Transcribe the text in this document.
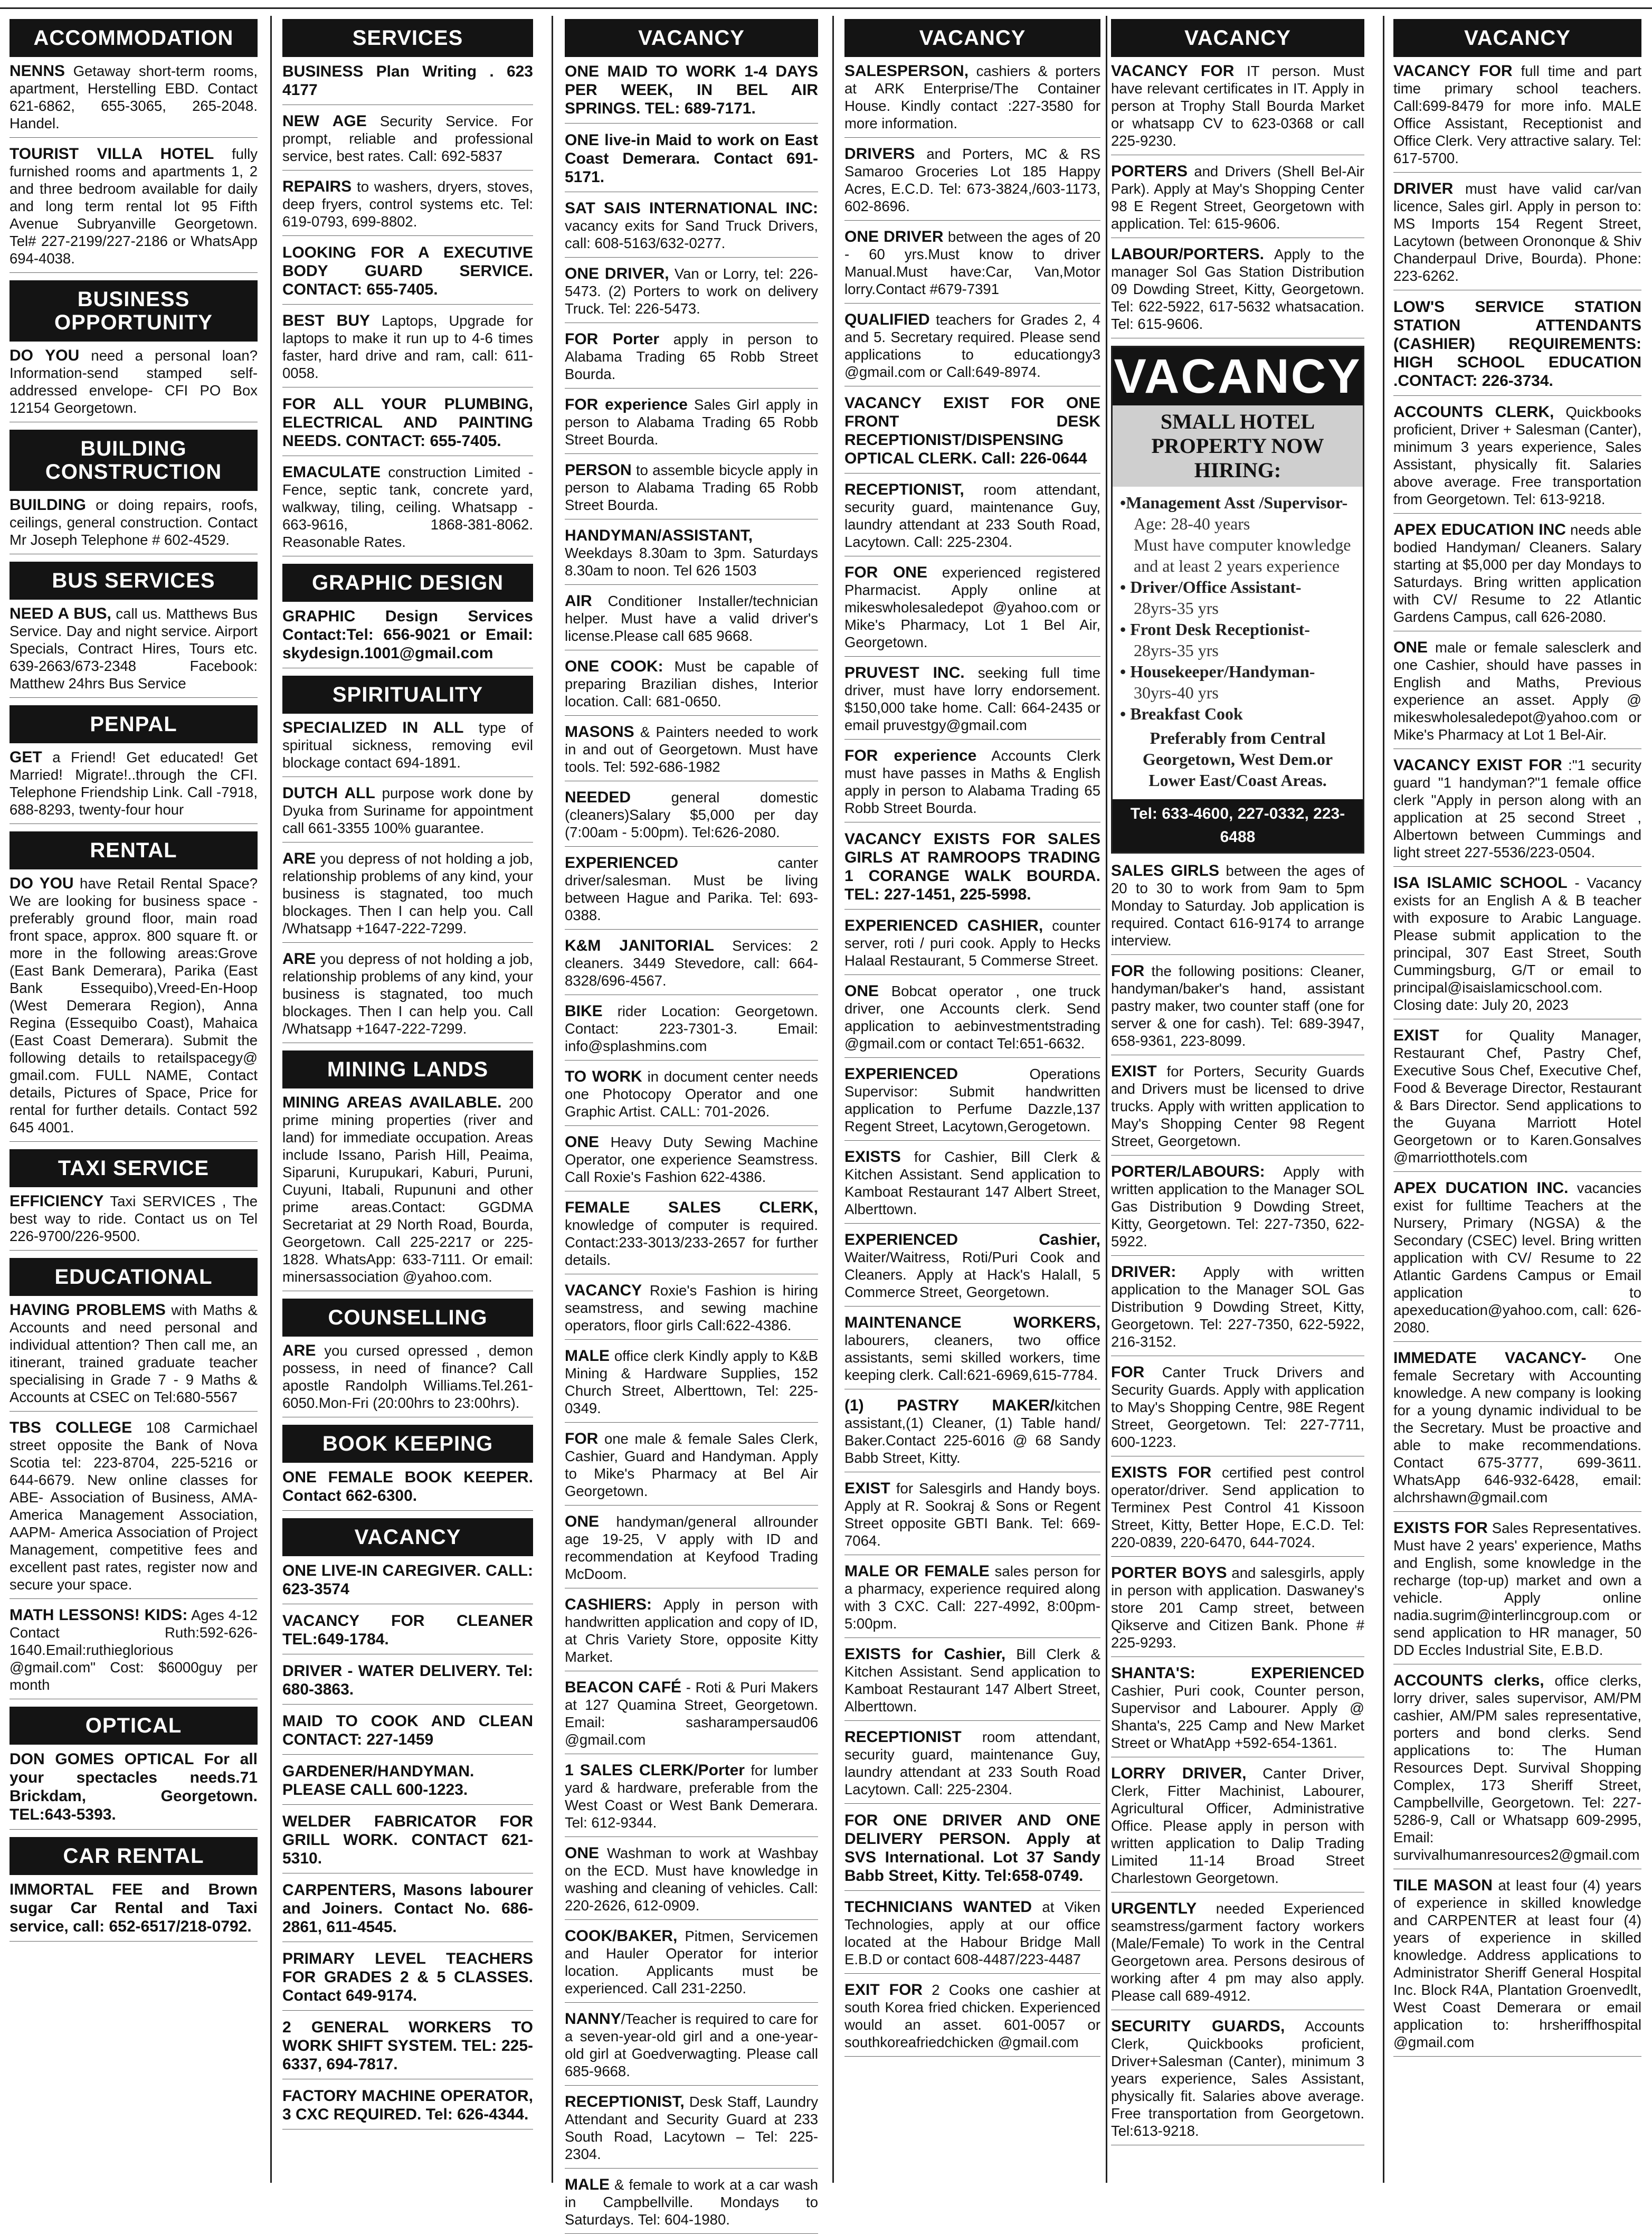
ACCOMMODATION
NENNS Getaway short-term rooms, apartment, Herstelling EBD. Contact 621-6862, 655-3065, 265-2048. Handel.
TOURIST VILLA HOTEL fully furnished rooms and apartments 1, 2 and three bedroom available for daily and long term rental lot 95 Fifth Avenue Subryanville Georgetown. Tel# 227-2199/227-2186 or WhatsApp 694-4038.
BUSINESS OPPORTUNITY
DO YOU need a personal loan? Information-send stamped self-addressed envelope- CFI PO Box 12154 Georgetown.
BUILDING CONSTRUCTION
BUILDING or doing repairs, roofs, ceilings, general construction. Contact Mr Joseph Telephone # 602-4529.
BUS SERVICES
NEED A BUS, call us. Matthews Bus Service. Day and night service. Airport Specials, Contract Hires, Tours etc. 639-2663/673-2348 Facebook: Matthew 24hrs Bus Service
PENPAL
GET a Friend! Get educated! Get Married! Migrate!..through the CFI. Telephone Friendship Link. Call -7918, 688-8293, twenty-four hour
RENTAL
DO YOU have Retail Rental Space? We are looking for business space - preferably ground floor, main road front space, approx. 800 square ft. or more in the following areas:Grove (East Bank Demerara), Parika (East Bank Essequibo),Vreed-En-Hoop (West Demerara Region), Anna Regina (Essequibo Coast), Mahaica (East Coast Demerara). Submit the following details to retailspacegy@ gmail.com. FULL NAME, Contact details, Pictures of Space, Price for rental for further details. Contact 592 645 4001.
TAXI SERVICE
EFFICIENCY Taxi SERVICES , The best way to ride. Contact us on Tel 226-9700/226-9500.
EDUCATIONAL
HAVING PROBLEMS with Maths & Accounts and need personal and individual attention? Then call me, an itinerant, trained graduate teacher specialising in Grade 7 - 9 Maths & Accounts at CSEC on Tel:680-5567
TBS COLLEGE 108 Carmichael street opposite the Bank of Nova Scotia tel: 223-8704, 225-5216 or 644-6679. New online classes for ABE- Association of Business, AMA- America Management Association, AAPM- America Association of Project Management, competitive fees and excellent past rates, register now and secure your space.
MATH LESSONS! KIDS: Ages 4-12 Contact Ruth:592-626-1640.Email:ruthieglorious @gmail.com" Cost: $6000guy per month
OPTICAL
DON GOMES OPTICAL For all your spectacles needs.71 Brickdam, Georgetown. TEL:643-5393.
CAR RENTAL
IMMORTAL FEE and Brown sugar Car Rental and Taxi service, call: 652-6517/218-0792.
SERVICES
BUSINESS Plan Writing . 623 4177
NEW AGE Security Service. For prompt, reliable and professional service, best rates. Call: 692-5837
REPAIRS to washers, dryers, stoves, deep fryers, control systems etc. Tel: 619-0793, 699-8802.
LOOKING FOR A EXECUTIVE BODY GUARD SERVICE. CONTACT: 655-7405.
BEST BUY Laptops, Upgrade for laptops to make it run up to 4-6 times faster, hard drive and ram, call: 611-0058.
FOR ALL YOUR PLUMBING, ELECTRICAL AND PAINTING NEEDS. CONTACT: 655-7405.
EMACULATE construction Limited - Fence, septic tank, concrete yard, walkway, tiling, ceiling. Whatsapp - 663-9616, 1868-381-8062. Reasonable Rates.
GRAPHIC DESIGN
GRAPHIC Design Services Contact:Tel: 656-9021 or Email: skydesign.1001@gmail.com
SPIRITUALITY
SPECIALIZED IN ALL type of spiritual sickness, removing evil blockage contact 694-1891.
DUTCH ALL purpose work done by Dyuka from Suriname for appointment call 661-3355 100% guarantee.
ARE you depress of not holding a job, relationship problems of any kind, your business is stagnated, too much blockages. Then I can help you. Call /Whatsapp +1647-222-7299.
ARE you depress of not holding a job, relationship problems of any kind, your business is stagnated, too much blockages. Then I can help you. Call /Whatsapp +1647-222-7299.
MINING LANDS
MINING AREAS AVAILABLE. 200 prime mining properties (river and land) for immediate occupation. Areas include Issano, Parish Hill, Peaima, Siparuni, Kurupukari, Kaburi, Puruni, Cuyuni, Itabali, Rupununi and other prime areas.Contact: GGDMA Secretariat at 29 North Road, Bourda, Georgetown. Call 225-2217 or 225-1828. WhatsApp: 633-7111. Or email: minersassociation @yahoo.com.
COUNSELLING
ARE you cursed opressed , demon possess, in need of finance? Call apostle Randolph Williams.Tel.261-6050.Mon-Fri (20:00hrs to 23:00hrs).
BOOK KEEPING
ONE FEMALE BOOK KEEPER. Contact 662-6300.
VACANCY
ONE LIVE-IN CAREGIVER. CALL: 623-3574
VACANCY FOR CLEANER TEL:649-1784.
DRIVER - WATER DELIVERY. Tel: 680-3863.
MAID TO COOK AND CLEAN CONTACT: 227-1459
GARDENER/HANDYMAN. PLEASE CALL 600-1223.
WELDER FABRICATOR FOR GRILL WORK. CONTACT 621-5310.
CARPENTERS, Masons labourer and Joiners. Contact No. 686-2861, 611-4545.
PRIMARY LEVEL TEACHERS FOR GRADES 2 & 5 CLASSES. Contact 649-9174.
2 GENERAL WORKERS TO WORK SHIFT SYSTEM. TEL: 225-6337, 694-7817.
FACTORY MACHINE OPERATOR, 3 CXC REQUIRED. Tel: 626-4344.
VACANCY
ONE MAID TO WORK 1-4 DAYS PER WEEK, IN BEL AIR SPRINGS. TEL: 689-7171.
ONE live-in Maid to work on East Coast Demerara. Contact 691-5171.
SAT SAIS INTERNATIONAL INC: vacancy exits for Sand Truck Drivers, call: 608-5163/632-0277.
ONE DRIVER, Van or Lorry, tel: 226-5473. (2) Porters to work on delivery Truck. Tel: 226-5473.
FOR Porter apply in person to Alabama Trading 65 Robb Street Bourda.
FOR experience Sales Girl apply in person to Alabama Trading 65 Robb Street Bourda.
PERSON to assemble bicycle apply in person to Alabama Trading 65 Robb Street Bourda.
HANDYMAN/ASSISTANT, Weekdays 8.30am to 3pm. Saturdays 8.30am to noon. Tel 626 1503
AIR Conditioner Installer/technician helper. Must have a valid driver's license.Please call 685 9668.
ONE COOK: Must be capable of preparing Brazilian dishes, Interior location. Call: 681-0650.
MASONS & Painters needed to work in and out of Georgetown. Must have tools. Tel: 592-686-1982
NEEDED general domestic (cleaners)Salary $5,000 per day (7:00am - 5:00pm). Tel:626-2080.
EXPERIENCED canter driver/salesman. Must be living between Hague and Parika. Tel: 693-0388.
K&M JANITORIAL Services: 2 cleaners. 3449 Stevedore, call: 664-8328/696-4567.
BIKE rider Location: Georgetown. Contact: 223-7301-3. Email: info@splashmins.com
TO WORK in document center needs one Photocopy Operator and one Graphic Artist. CALL: 701-2026.
ONE Heavy Duty Sewing Machine Operator, one experience Seamstress. Call Roxie's Fashion 622-4386.
FEMALE SALES CLERK, knowledge of computer is required. Contact:233-3013/233-2657 for further details.
VACANCY Roxie's Fashion is hiring seamstress, and sewing machine operators, floor girls Call:622-4386.
MALE office clerk Kindly apply to K&B Mining & Hardware Supplies, 152 Church Street, Alberttown, Tel: 225-0349.
FOR one male & female Sales Clerk, Cashier, Guard and Handyman. Apply to Mike's Pharmacy at Bel Air Georgetown.
ONE handyman/general allrounder age 19-25, V apply with ID and recommendation at Keyfood Trading McDoom.
CASHIERS: Apply in person with handwritten application and copy of ID, at Chris Variety Store, opposite Kitty Market.
BEACON CAFÉ - Roti & Puri Makers at 127 Quamina Street, Georgetown. Email: sasharampersaud06 @gmail.com
1 SALES CLERK/Porter for lumber yard & hardware, preferable from the West Coast or West Bank Demerara. Tel: 612-9344.
ONE Washman to work at Washbay on the ECD. Must have knowledge in washing and cleaning of vehicles. Call: 220-2626, 612-0909.
COOK/BAKER, Pitmen, Servicemen and Hauler Operator for interior location. Applicants must be experienced. Call 231-2250.
NANNY/Teacher is required to care for a seven-year-old girl and a one-year-old girl at Goedverwagting. Please call 685-9668.
RECEPTIONIST, Desk Staff, Laundry Attendant and Security Guard at 233 South Road, Lacytown – Tel: 225-2304.
MALE & female to work at a car wash in Campbellville. Mondays to Saturdays. Tel: 604-1980.
VACANCY
SALESPERSON, cashiers & porters at ARK Enterprise/The Container House. Kindly contact :227-3580 for more information.
DRIVERS and Porters, MC & RS Samaroo Groceries Lot 185 Happy Acres, E.C.D. Tel: 673-3824,/603-1173, 602-8696.
ONE DRIVER between the ages of 20 - 60 yrs.Must know to driver Manual.Must have:Car, Van,Motor lorry.Contact #679-7391
QUALIFIED teachers for Grades 2, 4 and 5. Secretary required. Please send applications to educationgy3 @gmail.com or Call:649-8974.
VACANCY EXIST FOR ONE FRONT DESK RECEPTIONIST/DISPENSING OPTICAL CLERK. Call: 226-0644
RECEPTIONIST, room attendant, security guard, maintenance Guy, laundry attendant at 233 South Road, Lacytown. Call: 225-2304.
FOR ONE experienced registered Pharmacist. Apply online at mikeswholesaledepot @yahoo.com or Mike's Pharmacy, Lot 1 Bel Air, Georgetown.
PRUVEST INC. seeking full time driver, must have lorry endorsement. $150,000 take home. Call: 664-2435 or email pruvestgy@gmail.com
FOR experience Accounts Clerk must have passes in Maths & English apply in person to Alabama Trading 65 Robb Street Bourda.
VACANCY EXISTS FOR SALES GIRLS AT RAMROOPS TRADING 1 CORANGE WALK BOURDA. TEL: 227-1451, 225-5998.
EXPERIENCED CASHIER, counter server, roti / puri cook. Apply to Hecks Halaal Restaurant, 5 Commerse Street.
ONE Bobcat operator , one truck driver, one Accounts clerk. Send application to aebinvestmentstrading @gmail.com or contact Tel:651-6632.
EXPERIENCED Operations Supervisor: Submit handwritten application to Perfume Dazzle,137 Regent Street, Lacytown,Gerogetown.
EXISTS for Cashier, Bill Clerk & Kitchen Assistant. Send application to Kamboat Restaurant 147 Albert Street, Alberttown.
EXPERIENCED Cashier, Waiter/Waitress, Roti/Puri Cook and Cleaners. Apply at Hack's Halall, 5 Commerce Street, Georgetown.
MAINTENANCE WORKERS, labourers, cleaners, two office assistants, semi skilled workers, time keeping clerk. Call:621-6969,615-7784.
(1) PASTRY MAKER/kitchen assistant,(1) Cleaner, (1) Table hand/ Baker.Contact 225-6016 @ 68 Sandy Babb Street, Kitty.
EXIST for Salesgirls and Handy boys. Apply at R. Sookraj & Sons or Regent Street opposite GBTI Bank. Tel: 669-7064.
MALE OR FEMALE sales person for a pharmacy, experience required along with 3 CXC. Call: 227-4992, 8:00pm-5:00pm.
EXISTS for Cashier, Bill Clerk & Kitchen Assistant. Send application to Kamboat Restaurant 147 Albert Street, Alberttown.
RECEPTIONIST room attendant, security guard, maintenance Guy, laundry attendant at 233 South Road Lacytown. Call: 225-2304.
FOR ONE DRIVER AND ONE DELIVERY PERSON. Apply at SVS International. Lot 37 Sandy Babb Street, Kitty. Tel:658-0749.
TECHNICIANS WANTED at Viken Technologies, apply at our office located at the Habour Bridge Mall E.B.D or contact 608-4487/223-4487
EXIT FOR 2 Cooks one cashier at south Korea fried chicken. Experienced would an asset. 601-0057 or southkoreafriedchicken @gmail.com
VACANCY
VACANCY FOR IT person. Must have relevant certificates in IT. Apply in person at Trophy Stall Bourda Market or whatsapp CV to 623-0368 or call 225-9230.
PORTERS and Drivers (Shell Bel-Air Park). Apply at May's Shopping Center 98 E Regent Street, Georgetown with application. Tel: 615-9606.
LABOUR/PORTERS. Apply to the manager Sol Gas Station Distribution 09 Dowding Street, Kitty, Georgetown. Tel: 622-5922, 617-5632 whatsacation. Tel: 615-9606.
VACANCY
SMALL HOTEL PROPERTY NOW HIRING:
•Management Asst /Supervisor-
Age: 28-40 years
Must have computer knowledge
and at least 2 years experience
• Driver/Office Assistant-
28yrs-35 yrs
• Front Desk Receptionist-
28yrs-35 yrs
• Housekeeper/Handyman-
30yrs-40 yrs
• Breakfast Cook
Preferably from Central Georgetown, West Dem.or Lower East/Coast Areas.
Tel: 633-4600, 227-0332, 223-6488
SALES GIRLS between the ages of 20 to 30 to work from 9am to 5pm Monday to Saturday. Job application is required. Contact 616-9174 to arrange interview.
FOR the following positions: Cleaner, handyman/baker's hand, assistant pastry maker, two counter staff (one for server & one for cash). Tel: 689-3947, 658-9361, 223-8099.
EXIST for Porters, Security Guards and Drivers must be licensed to drive trucks. Apply with written application to May's Shopping Center 98 Regent Street, Georgetown.
PORTER/LABOURS: Apply with written application to the Manager SOL Gas Distribution 9 Dowding Street, Kitty, Georgetown. Tel: 227-7350, 622-5922.
DRIVER: Apply with written application to the Manager SOL Gas Distribution 9 Dowding Street, Kitty, Georgetown. Tel: 227-7350, 622-5922, 216-3152.
FOR Canter Truck Drivers and Security Guards. Apply with application to May's Shopping Centre, 98E Regent Street, Georgetown. Tel: 227-7711, 600-1223.
EXISTS FOR certified pest control operator/driver. Send application to Terminex Pest Control 41 Kissoon Street, Kitty, Better Hope, E.C.D. Tel: 220-0839, 220-6470, 644-7024.
PORTER BOYS and salesgirls, apply in person with application. Daswaney's store 201 Camp street, between Qikserve and Citizen Bank. Phone # 225-9293.
SHANTA'S: EXPERIENCED Cashier, Puri cook, Counter person, Supervisor and Labourer. Apply @ Shanta's, 225 Camp and New Market Street or WhatApp +592-654-1361.
LORRY DRIVER, Canter Driver, Clerk, Fitter Machinist, Labourer, Agricultural Officer, Administrative Office. Please apply in person with written application to Dalip Trading Limited 11-14 Broad Street Charlestown Georgetown.
URGENTLY needed Experienced seamstress/garment factory workers (Male/Female) To work in the Central Georgetown area. Persons desirous of working after 4 pm may also apply. Please call 689-4912.
SECURITY GUARDS, Accounts Clerk, Quickbooks proficient, Driver+Salesman (Canter), minimum 3 years experience, Sales Assistant, physically fit. Salaries above average. Free transportation from Georgetown. Tel:613-9218.
VACANCY
VACANCY FOR full time and part time primary school teachers. Call:699-8479 for more info. MALE Office Assistant, Receptionist and Office Clerk. Very attractive salary. Tel: 617-5700.
DRIVER must have valid car/van licence, Sales girl. Apply in person to: MS Imports 154 Regent Street, Lacytown (between Orononque & Shiv Chanderpaul Drive, Bourda). Phone: 223-6262.
LOW'S SERVICE STATION STATION ATTENDANTS (CASHIER) REQUIREMENTS: HIGH SCHOOL EDUCATION .CONTACT: 226-3734.
ACCOUNTS CLERK, Quickbooks proficient, Driver + Salesman (Canter), minimum 3 years experience, Sales Assistant, physically fit. Salaries above average. Free transportation from Georgetown. Tel: 613-9218.
APEX EDUCATION INC needs able bodied Handyman/ Cleaners. Salary starting at $5,000 per day Mondays to Saturdays. Bring written application with CV/ Resume to 22 Atlantic Gardens Campus, call 626-2080.
ONE male or female salesclerk and one Cashier, should have passes in English and Maths, Previous experience an asset. Apply @ mikeswholesaledepot@yahoo.com or Mike's Pharmacy at Lot 1 Bel-Air.
VACANCY EXIST FOR :"1 security guard "1 handyman?"1 female office clerk "Apply in person along with an application at 25 second Street , Albertown between Cummings and light street 227-5536/223-0504.
ISA ISLAMIC SCHOOL - Vacancy exists for an English A & B teacher with exposure to Arabic Language. Please submit application to the principal, 307 East Street, South Cummingsburg, G/T or email to principal@isaislamicschool.com. Closing date: July 20, 2023
EXIST for Quality Manager, Restaurant Chef, Pastry Chef, Executive Sous Chef, Executive Chef, Food & Beverage Director, Restaurant & Bars Director. Send applications to the Guyana Marriott Hotel Georgetown or to Karen.Gonsalves @marriotthotels.com
APEX DUCATION INC. vacancies exist for fulltime Teachers at the Nursery, Primary (NGSA) & the Secondary (CSEC) level. Bring written application with CV/ Resume to 22 Atlantic Gardens Campus or Email application to apexeducation@yahoo.com, call: 626-2080.
IMMEDATE VACANCY- One female Secretary with Accounting knowledge. A new company is looking for a young dynamic individual to be the Secretary. Must be proactive and able to make recommendations. Contact 675-3777, 699-3611. WhatsApp 646-932-6428, email: alchrshawn@gmail.com
EXISTS FOR Sales Representatives. Must have 2 years' experience, Maths and English, some knowledge in the recharge (top-up) market and own a vehicle. Apply online nadia.sugrim@interlincgroup.com or send application to HR manager, 50 DD Eccles Industrial Site, E.B.D.
ACCOUNTS clerks, office clerks, lorry driver, sales supervisor, AM/PM cashier, AM/PM sales representative, porters and bond clerks. Send applications to: The Human Resources Dept. Survival Shopping Complex, 173 Sheriff Street, Campbellville, Georgetown. Tel: 227-5286-9, Call or Whatsapp 609-2995, Email: survivalhumanresources2@gmail.com
TILE MASON at least four (4) years of experience in skilled knowledge and CARPENTER at least four (4) years of experience in skilled knowledge. Address applications to Administrator Sheriff General Hospital Inc. Block R4A, Plantation Groenvedlt, West Coast Demerara or email application to: hrsheriffhospital @gmail.com
